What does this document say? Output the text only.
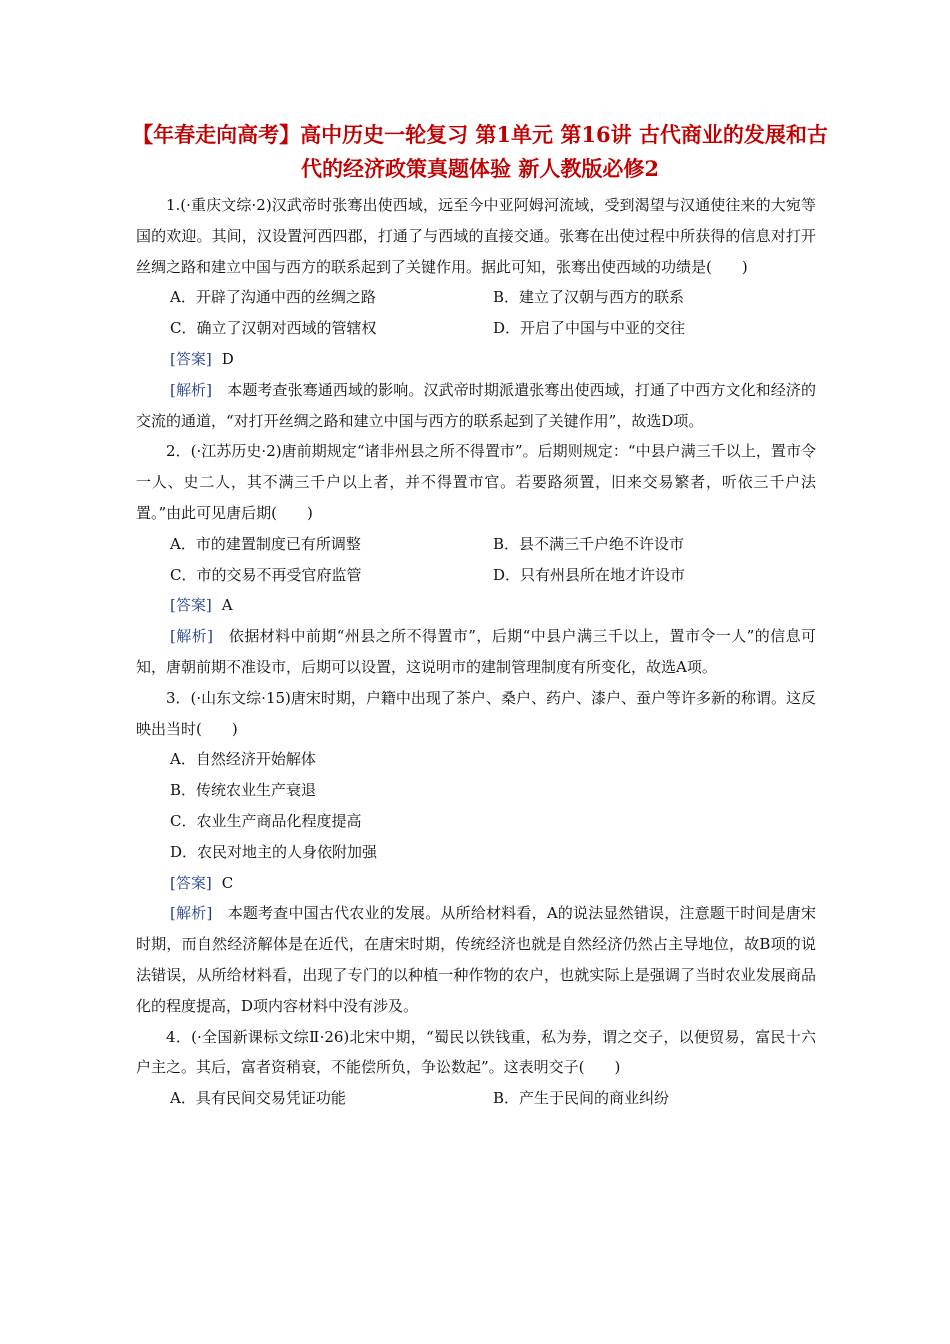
【年春走向高考】高中历史一轮复习 第1单元 第16讲 古代商业的发展和古代的经济政策真题体验 新人教版必修2

1.(·重庆文综·2)汉武帝时张骞出使西域，远至今中亚阿姆河流域，受到渴望与汉通使往来的大宛等国的欢迎。其间，汉设置河西四郡，打通了与西域的直接交通。张骞在出使过程中所获得的信息对打开丝绸之路和建立中国与西方的联系起到了关键作用。据此可知，张骞出使西域的功绩是(　　)

A．开辟了沟通中西的丝绸之路	B．建立了汉朝与西方的联系
C．确立了汉朝对西域的管辖权	D．开启了中国与中亚的交往

[答案] D

[解析]　 本题考查张骞通西域的影响。汉武帝时期派遣张骞出使西域，打通了中西方文化和经济的交流的通道，“对打开丝绸之路和建立中国与西方的联系起到了关键作用”，故选D项。

2．(·江苏历史·2)唐前期规定“诸非州县之所不得置市”。后期则规定：“中县户满三千以上，置市令一人、史二人，其不满三千户以上者，并不得置市官。若要路须置，旧来交易繁者，听依三千户法置。”由此可见唐后期(　　)

A．市的建置制度已有所调整	B．县不满三千户绝不许设市
C．市的交易不再受官府监管	D．只有州县所在地才许设市

[答案] A

[解析]　 依据材料中前期“州县之所不得置市”，后期“中县户满三千以上，置市令一人”的信息可知，唐朝前期不准设市，后期可以设置，这说明市的建制管理制度有所变化，故选A项。

3．(·山东文综·15)唐宋时期，户籍中出现了茶户、桑户、药户、漆户、蚕户等许多新的称谓。这反映出当时(　　)

A．自然经济开始解体

B．传统农业生产衰退

C．农业生产商品化程度提高

D．农民对地主的人身依附加强

[答案] C

[解析]　 本题考查中国古代农业的发展。从所给材料看，A的说法显然错误，注意题干时间是唐宋时期，而自然经济解体是在近代，在唐宋时期，传统经济也就是自然经济仍然占主导地位，故B项的说法错误，从所给材料看，出现了专门的以种植一种作物的农户，也就实际上是强调了当时农业发展商品化的程度提高，D项内容材料中没有涉及。

4．(·全国新课标文综Ⅱ·26)北宋中期，“蜀民以铁钱重，私为券，谓之交子，以便贸易，富民十六户主之。其后，富者资稍衰，不能偿所负，争讼数起”。这表明交子(　　)

A．具有民间交易凭证功能	B．产生于民间的商业纠纷
